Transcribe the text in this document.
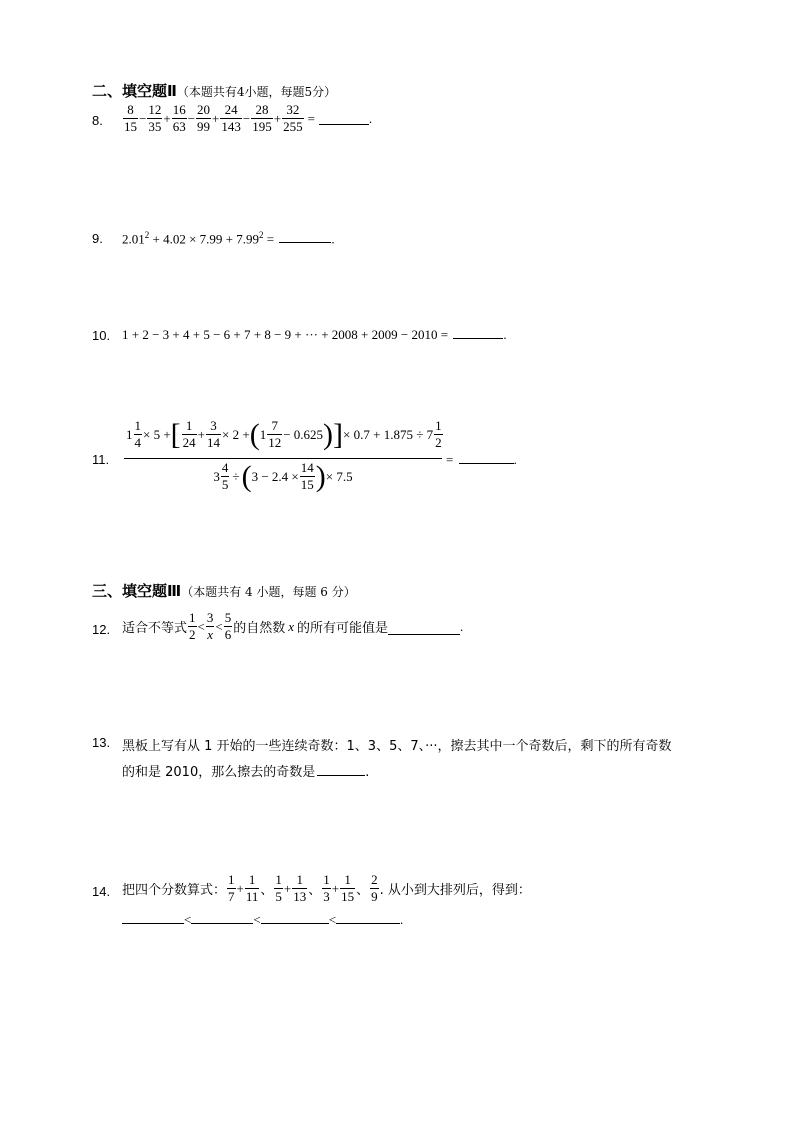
二、填空题Ⅱ（本题共有4小题，每题5分）
8. $\frac{8}{15} - \frac{12}{35} + \frac{16}{63} - \frac{20}{99} + \frac{24}{143} - \frac{28}{195} + \frac{32}{255}$ =	.
9. $2.01^2 + 4.02 \times 7.99 + 7.99^2$ =	.
10. 1 + 2 − 3 + 4 + 5 − 6 + 7 + 8 − 9 + ··· + 2008 + 2009 − 2010 =	.
11.
$1 \frac{1}{4} \times 5$ + [ $\frac{1}{24} + \frac{3}{14} \times 2$ + ( $1 \frac{7}{12} - 0.625$ ) ] × $0.7 + 1.875 \div 7 \frac{1}{2}$
$3 \frac{4}{5}$ ÷ ( $3 - 2.4 \times \frac{14}{15}$ ) × 7.5
=	.
三、填空题Ⅲ（本题共有 4 小题，每题 6 分）
12. 适合不等式 $\frac{1}{2} < \frac{3}{x} < \frac{5}{6}$ 的自然数 x 的所有可能值是	.
13. 黑板上写有从 1 开始的一些连续奇数：1、3、5、7、···，擦去其中一个奇数后，剩下的所有奇数
的和是 2010，那么擦去的奇数是	.
14. 把四个分数算式： $\frac{1}{7} + \frac{1}{11}$ 、 $\frac{1}{5} + \frac{1}{13}$ 、 $\frac{1}{3} + \frac{1}{15}$ 、 $\frac{2}{9}$ . 从小到大排列后，得到：
<	<	<	.
